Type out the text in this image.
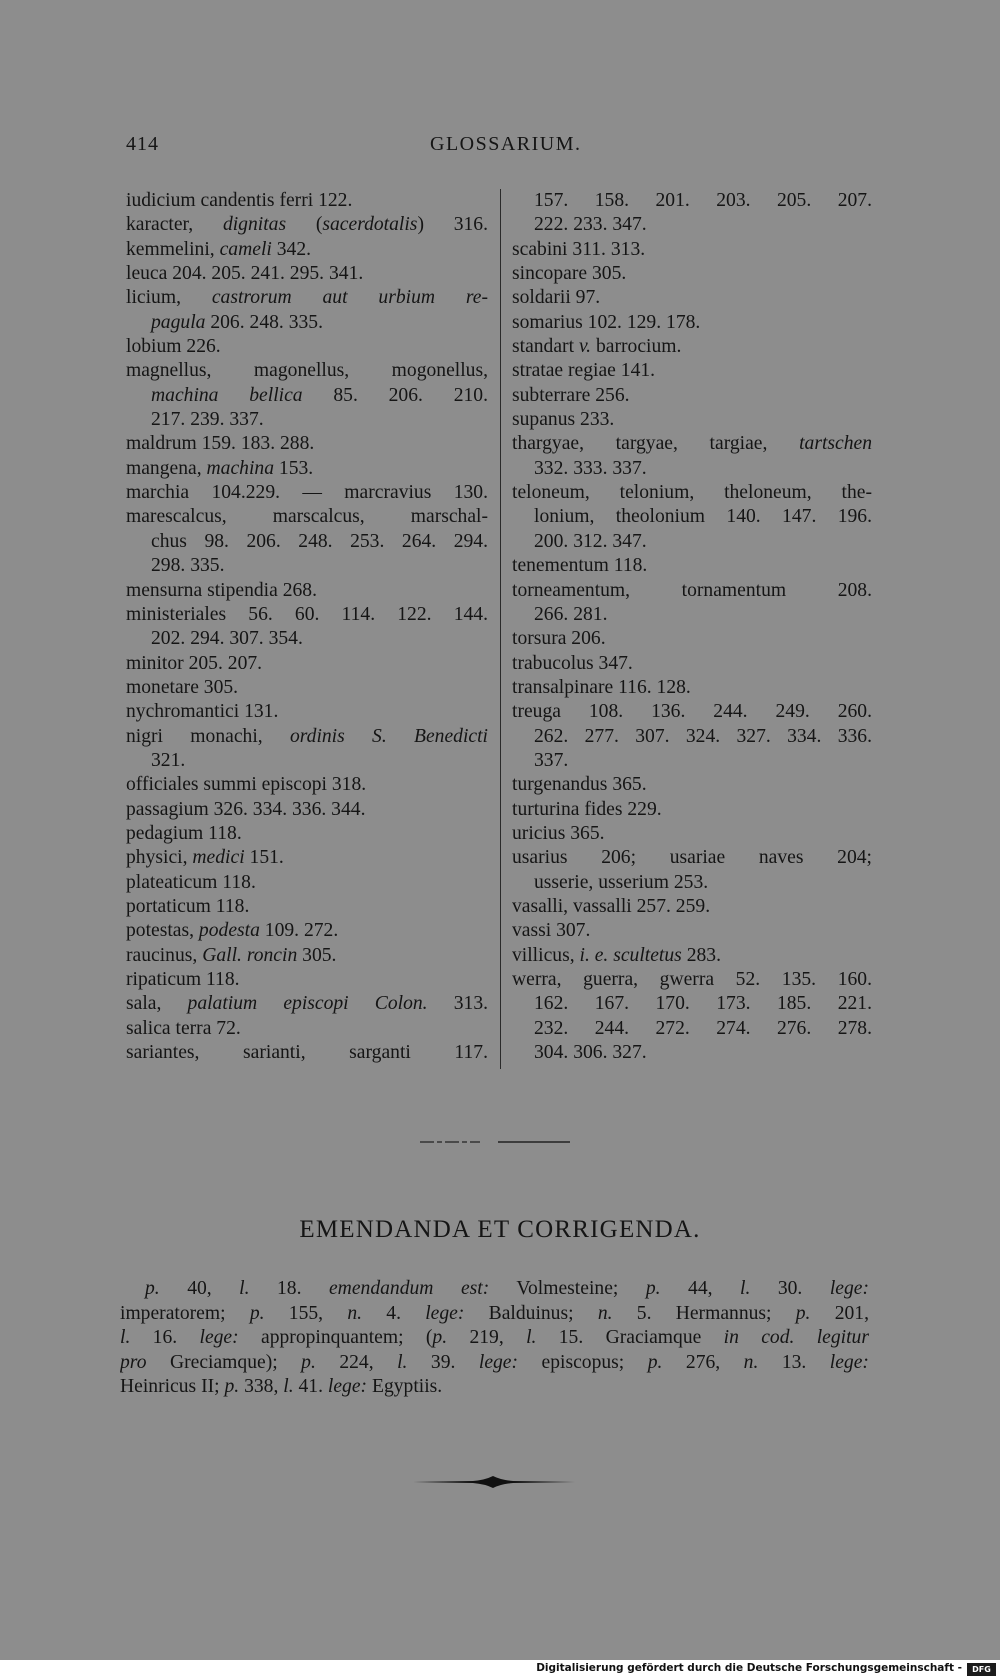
414	GLOSSARIUM.
iudicium candentis ferri 122.
karacter, dignitas (sacerdotalis) 316.
kemmelini, cameli 342.
leuca 204. 205. 241. 295. 341.
licium, castrorum aut urbium re-
pagula 206. 248. 335.
lobium 226.
magnellus, magonellus, mogonellus,
machina bellica 85. 206. 210.
217. 239. 337.
maldrum 159. 183. 288.
mangena, machina 153.
marchia 104.229. — marcravius 130.
marescalcus, marscalcus, marschal-
chus 98. 206. 248. 253. 264. 294.
298. 335.
mensurna stipendia 268.
ministeriales 56. 60. 114. 122. 144.
202. 294. 307. 354.
minitor 205. 207.
monetare 305.
nychromantici 131.
nigri monachi, ordinis S. Benedicti
321.
officiales summi episcopi 318.
passagium 326. 334. 336. 344.
pedagium 118.
physici, medici 151.
plateaticum 118.
portaticum 118.
potestas, podesta 109. 272.
raucinus, Gall. roncin 305.
ripaticum 118.
sala, palatium episcopi Colon. 313.
salica terra 72.
sariantes, sarianti, sarganti 117.
157. 158. 201. 203. 205. 207.
222. 233. 347.
scabini 311. 313.
sincopare 305.
soldarii 97.
somarius 102. 129. 178.
standart v. barrocium.
stratae regiae 141.
subterrare 256.
supanus 233.
thargyae, targyae, targiae, tartschen
332. 333. 337.
teloneum, telonium, theloneum, the-
lonium, theolonium 140. 147. 196.
200. 312. 347.
tenementum 118.
torneamentum, tornamentum 208.
266. 281.
torsura 206.
trabucolus 347.
transalpinare 116. 128.
treuga 108. 136. 244. 249. 260.
262. 277. 307. 324. 327. 334. 336.
337.
turgenandus 365.
turturina fides 229.
uricius 365.
usarius 206; usariae naves 204;
usserie, usserium 253.
vasalli, vassalli 257. 259.
vassi 307.
villicus, i. e. scultetus 283.
werra, guerra, gwerra 52. 135. 160.
162. 167. 170. 173. 185. 221.
232. 244. 272. 274. 276. 278.
304. 306. 327.
EMENDANDA ET CORRIGENDA.
p. 40, l. 18. emendandum est: Volmesteine; p. 44, l. 30. lege:
imperatorem; p. 155, n. 4. lege: Balduinus; n. 5. Hermannus; p. 201,
l. 16. lege: appropinquantem; (p. 219, l. 15. Graciamque in cod. legitur
pro Greciamque); p. 224, l. 39. lege: episcopus; p. 276, n. 13. lege:
Heinricus II; p. 338, l. 41. lege: Egyptiis.
Digitalisierung gefördert durch die Deutsche Forschungsgemeinschaft -	DFG
